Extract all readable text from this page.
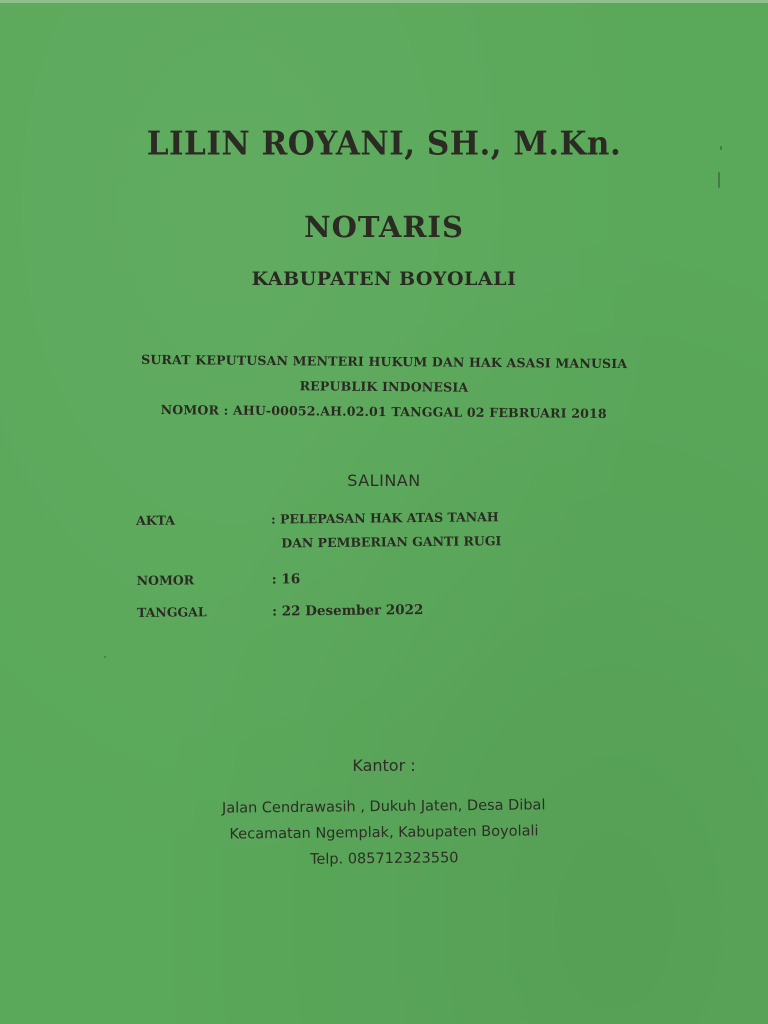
LILIN ROYANI, SH., M.Kn.
NOTARIS
KABUPATEN BOYOLALI
SURAT KEPUTUSAN MENTERI HUKUM DAN HAK ASASI MANUSIA
REPUBLIK INDONESIA
NOMOR : AHU-00052.AH.02.01 TANGGAL 02 FEBRUARI 2018
SALINAN
AKTA	: PELEPASAN HAK ATAS TANAH
DAN PEMBERIAN GANTI RUGI
NOMOR	: 16
TANGGAL	: 22 Desember 2022
Kantor :
Jalan Cendrawasih , Dukuh Jaten, Desa Dibal
Kecamatan Ngemplak, Kabupaten Boyolali
Telp. 085712323550
